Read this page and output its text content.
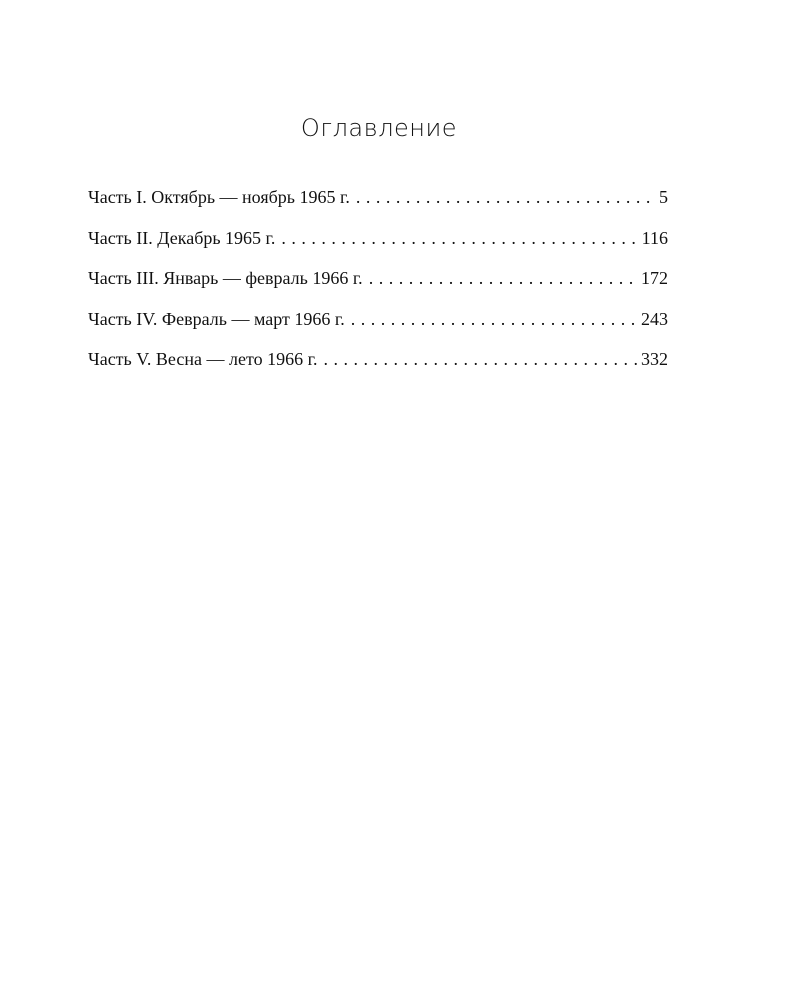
Оглавление
Часть I. Октябрь — ноябрь 1965 г. . . .	5
Часть II. Декабрь 1965 г. . . .	116
Часть III. Январь — февраль 1966 г. . . .	172
Часть IV. Февраль — март 1966 г. . . .	243
Часть V. Весна — лето 1966 г. . . .	332
